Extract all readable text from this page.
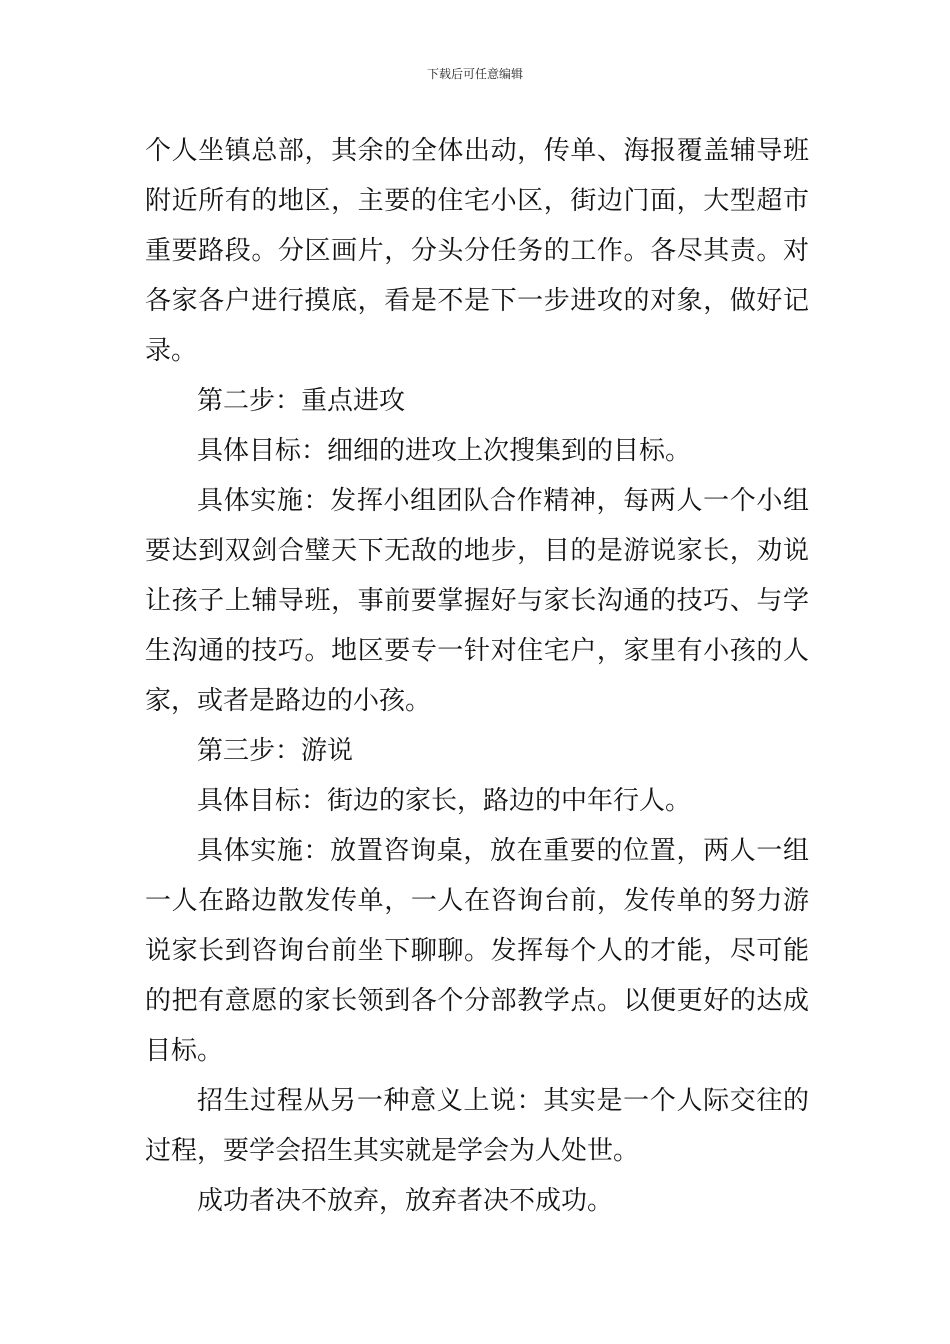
下载后可任意编辑

个人坐镇总部，其余的全体出动，传单、海报覆盖辅导班附近所有的地区，主要的住宅小区，街边门面，大型超市重要路段。分区画片，分头分任务的工作。各尽其责。对各家各户进行摸底，看是不是下一步进攻的对象，做好记录。

第二步：重点进攻

具体目标：细细的进攻上次搜集到的目标。

具体实施：发挥小组团队合作精神，每两人一个小组要达到双剑合璧天下无敌的地步，目的是游说家长，劝说让孩子上辅导班，事前要掌握好与家长沟通的技巧、与学生沟通的技巧。地区要专一针对住宅户，家里有小孩的人家，或者是路边的小孩。

第三步：游说

具体目标：街边的家长，路边的中年行人。

具体实施：放置咨询桌，放在重要的位置，两人一组一人在路边散发传单，一人在咨询台前，发传单的努力游说家长到咨询台前坐下聊聊。发挥每个人的才能，尽可能的把有意愿的家长领到各个分部教学点。以便更好的达成目标。

招生过程从另一种意义上说：其实是一个人际交往的过程，要学会招生其实就是学会为人处世。

成功者决不放弃，放弃者决不成功。
